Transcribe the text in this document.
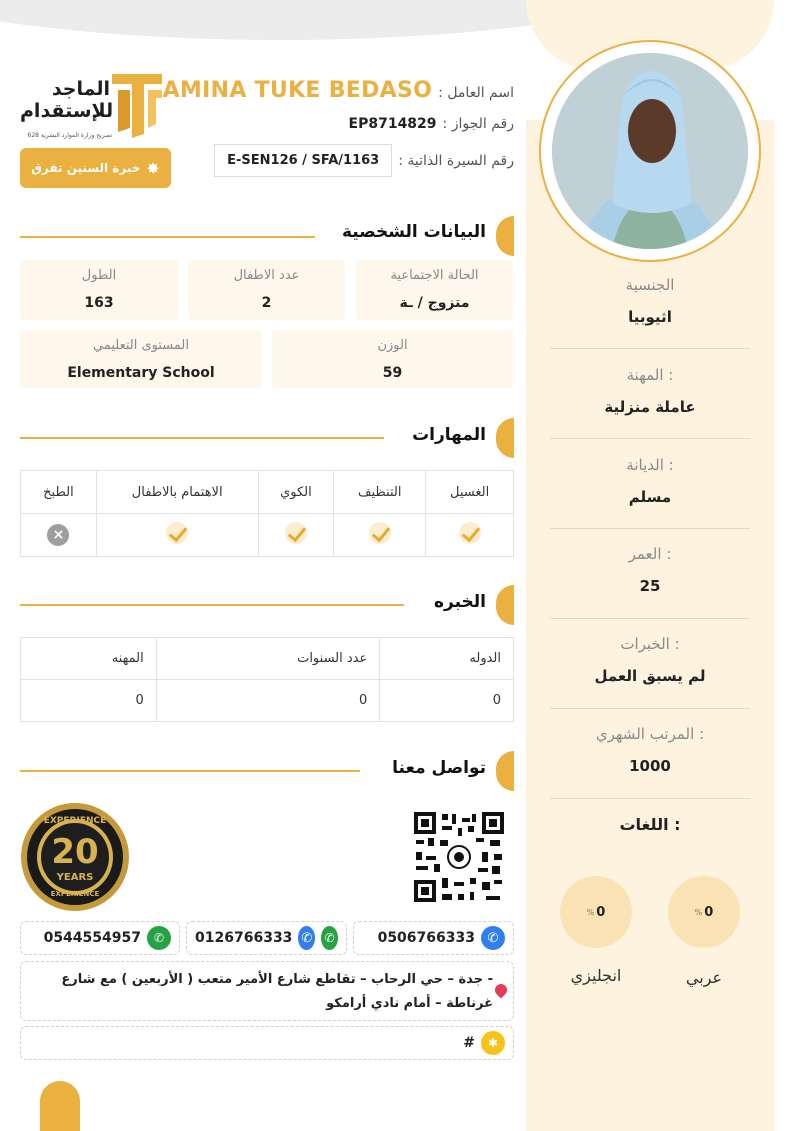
الجنسية
اثيوبيا
المهنة :
عاملة منزلية
الديانة :
مسلم
العمر :
25
الخبرات :
لم يسبق العمل
المرتب الشهري :
1000
اللغات :
% 0
% 0
عربي
انجليزي
الماجد
للإستقدام
تصريح وزارة الموارد البشرية 628
خبرة السنين تفرق ✸
اسم العامل :
AMINA TUKE BEDASO
رقم الجواز :
EP8714829
رقم السيرة الذاتية :
E-SEN126 / SFA/1163
البيانات الشخصية
الحالة الاجتماعية
متزوج / ـة
عدد الاطفال
2
الطول
163
الوزن
59
المستوى التعليمي
Elementary School
المهارات
الغسيل	التنظيف	الكوي	الاهتمام بالاطفال	الطبخ
				×
الخبره
الدوله	عدد السنوات	المهنه
0	0	0
تواصل معنا
EXPERIENCE
20
YEARS
EXPERIENCE
0506766333 ✆
0126766333 ✆ ✆
0544554957	✆
- جدة – حي الرحاب – تقاطع شارع الأمير متعب ( الأربعين ) مع شارع غرناطة – أمام نادي أرامكو
#	✱
